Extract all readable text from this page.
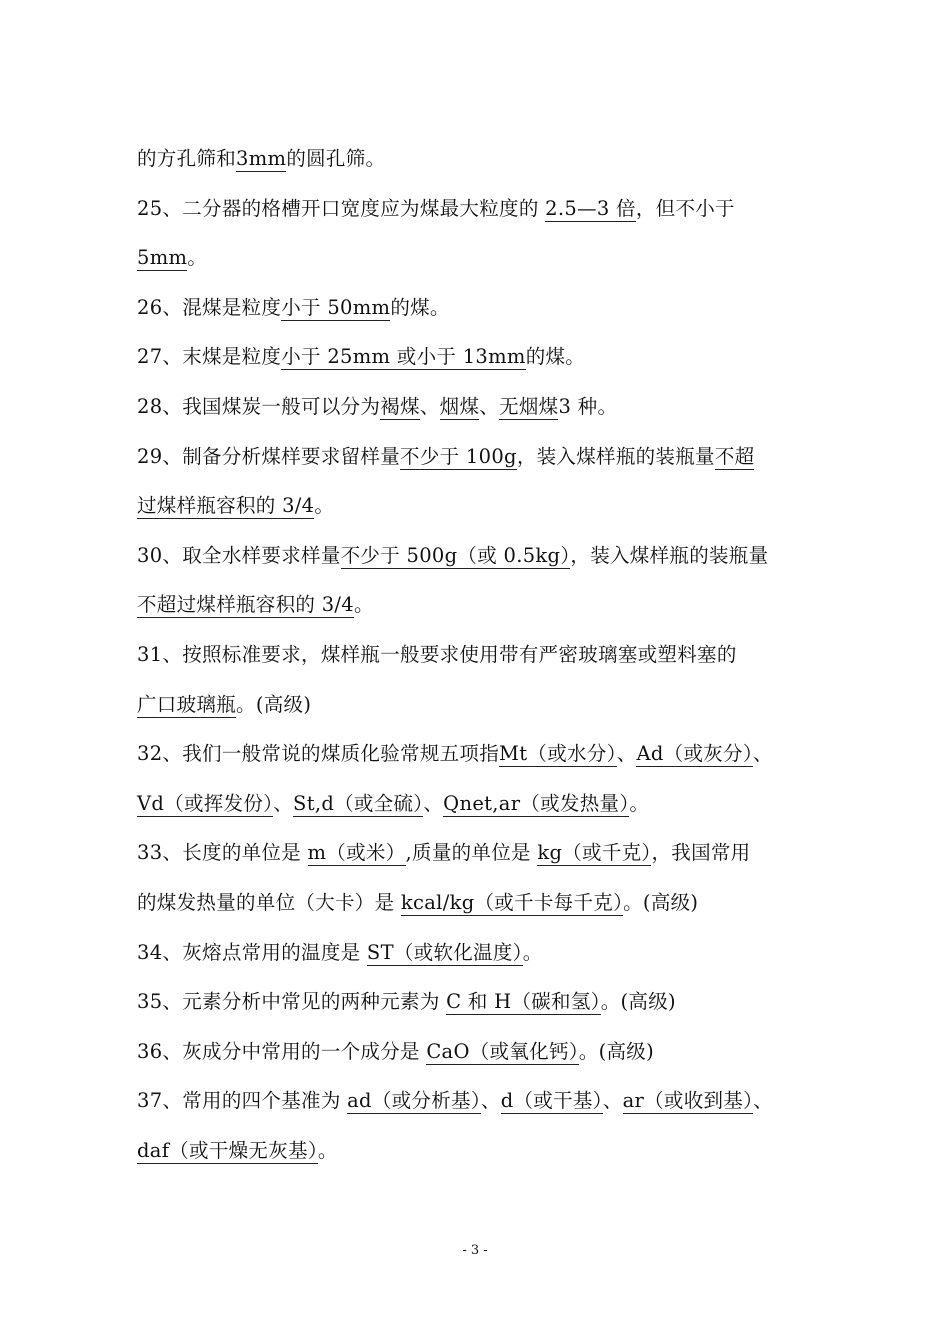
的方孔筛和3mm的圆孔筛。
25、二分器的格槽开口宽度应为煤最大粒度的 2.5—3 倍，但不小于
5mm。
26、混煤是粒度小于 50mm的煤。
27、末煤是粒度小于 25mm 或小于 13mm的煤。
28、我国煤炭一般可以分为褐煤、烟煤、无烟煤3 种。
29、制备分析煤样要求留样量不少于 100g，装入煤样瓶的装瓶量不超
过煤样瓶容积的 3/4。
30、取全水样要求样量不少于 500g（或 0.5kg），装入煤样瓶的装瓶量
不超过煤样瓶容积的 3/4。
31、按照标准要求，煤样瓶一般要求使用带有严密玻璃塞或塑料塞的
广口玻璃瓶。(高级)
32、我们一般常说的煤质化验常规五项指Mt（或水分）、Ad（或灰分）、
Vd（或挥发份）、St,d（或全硫）、Qnet,ar（或发热量）。
33、长度的单位是 m（或米）,质量的单位是 kg（或千克），我国常用
的煤发热量的单位（大卡）是 kcal/kg（或千卡每千克）。(高级)
34、灰熔点常用的温度是 ST（或软化温度）。
35、元素分析中常见的两种元素为 C 和 H（碳和氢）。(高级)
36、灰成分中常用的一个成分是 CaO（或氧化钙）。(高级)
37、常用的四个基准为 ad（或分析基）、d（或干基）、ar（或收到基）、
daf（或干燥无灰基）。
- 3 -
